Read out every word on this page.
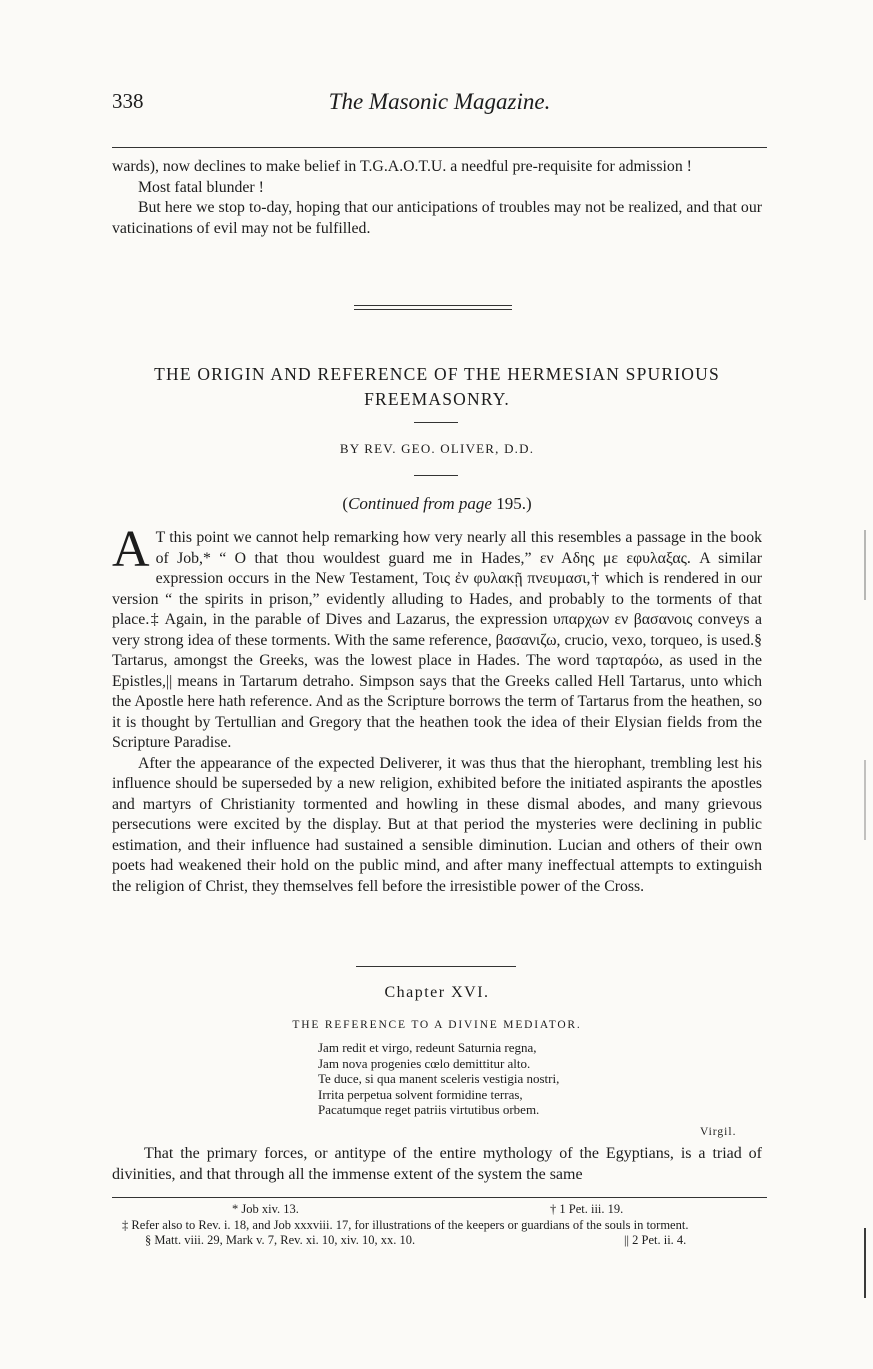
338	The Masonic Magazine.

wards), now declines to make belief in T.G.A.O.T.U. a needful pre-requisite for admission !

Most fatal blunder !

But here we stop to-day, hoping that our anticipations of troubles may not be realized, and that our vaticinations of evil may not be fulfilled.

THE ORIGIN AND REFERENCE OF THE HERMESIAN SPURIOUS
FREEMASONRY.
BY REV. GEO. OLIVER, D.D.
(Continued from page 195.)

A T this point we cannot help remarking how very nearly all this resembles a passage in the book of Job,* “ O that thou wouldest guard me in Hades,” εν Αδης με εφυλαξας. A similar expression occurs in the New Testament, Τοις ἐν φυλακῇ πνευμασι,† which is rendered in our version “ the spirits in prison,” evidently alluding to Hades, and probably to the torments of that place.‡ Again, in the parable of Dives and Lazarus, the expression υπαρχων εν βασανοις conveys a very strong idea of these torments. With the same reference, βασανιζω, crucio, vexo, torqueo, is used.§ Tartarus, amongst the Greeks, was the lowest place in Hades. The word ταρταρόω, as used in the Epistles,|| means in Tartarum detraho. Simpson says that the Greeks called Hell Tartarus, unto which the Apostle here hath reference. And as the Scripture borrows the term of Tartarus from the heathen, so it is thought by Tertullian and Gregory that the heathen took the idea of their Elysian fields from the Scripture Paradise.

After the appearance of the expected Deliverer, it was thus that the hierophant, trembling lest his influence should be superseded by a new religion, exhibited before the initiated aspirants the apostles and martyrs of Christianity tormented and howling in these dismal abodes, and many grievous persecutions were excited by the display. But at that period the mysteries were declining in public estimation, and their influence had sustained a sensible diminution. Lucian and others of their own poets had weakened their hold on the public mind, and after many ineffectual attempts to extinguish the religion of Christ, they themselves fell before the irresistible power of the Cross.

Chapter XVI.
THE REFERENCE TO A DIVINE MEDIATOR.
Jam redit et virgo, redeunt Saturnia regna,
Jam nova progenies cœlo demittitur alto.
Te duce, si qua manent sceleris vestigia nostri,
Irrita perpetua solvent formidine terras,
Pacatumque reget patriis virtutibus orbem.
Virgil.

That the primary forces, or antitype of the entire mythology of the Egyptians, is a triad of divinities, and that through all the immense extent of the system the same

* Job xiv. 13.	† 1 Pet. iii. 19.
‡ Refer also to Rev. i. 18, and Job xxxviii. 17, for illustrations of the keepers or guardians of the souls in torment.
§ Matt. viii. 29, Mark v. 7, Rev. xi. 10, xiv. 10, xx. 10.	|| 2 Pet. ii. 4.
